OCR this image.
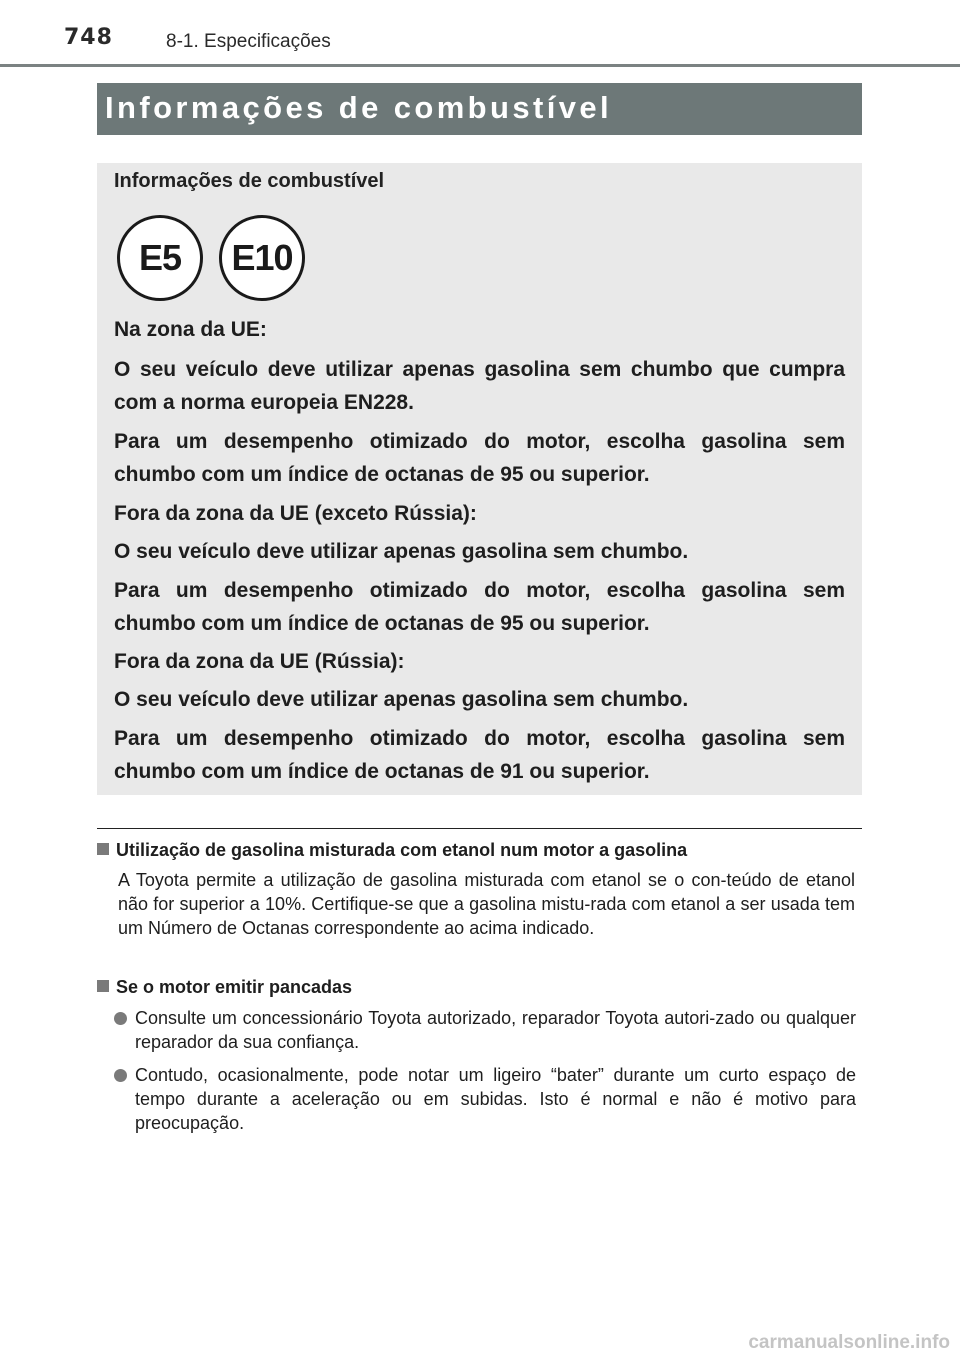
748	8-1. Especificações
Informações de combustível
Informações de combustível
E5	E10
Na zona da UE:
O seu veículo deve utilizar apenas gasolina sem chumbo que cumpra com a norma europeia EN228.
Para um desempenho otimizado do motor, escolha gasolina sem chumbo com um índice de octanas de 95 ou superior.
Fora da zona da UE (exceto Rússia):
O seu veículo deve utilizar apenas gasolina sem chumbo.
Para um desempenho otimizado do motor, escolha gasolina sem chumbo com um índice de octanas de 95 ou superior.
Fora da zona da UE (Rússia):
O seu veículo deve utilizar apenas gasolina sem chumbo.
Para um desempenho otimizado do motor, escolha gasolina sem chumbo com um índice de octanas de 91 ou superior.
Utilização de gasolina misturada com etanol num motor a gasolina
A Toyota permite a utilização de gasolina misturada com etanol se o con-teúdo de etanol não for superior a 10%. Certifique-se que a gasolina mistu-rada com etanol a ser usada tem um Número de Octanas correspondente ao acima indicado.
Se o motor emitir pancadas
Consulte um concessionário Toyota autorizado, reparador Toyota autori-zado ou qualquer reparador da sua confiança.
Contudo, ocasionalmente, pode notar um ligeiro “bater” durante um curto espaço de tempo durante a aceleração ou em subidas. Isto é normal e não é motivo para preocupação.
carmanualsonline.info
